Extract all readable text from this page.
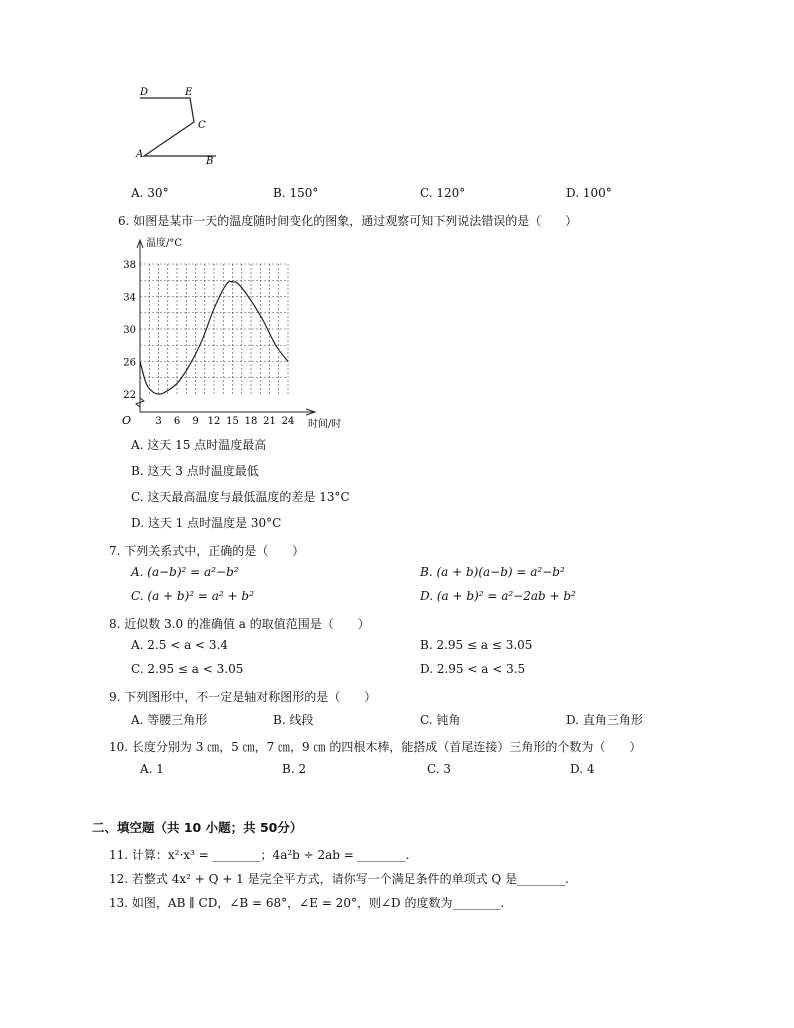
D	E
C
A
B
A. 30°	B. 150°	C. 120°	D. 100°
6. 如图是某市一天的温度随时间变化的图象，通过观察可知下列说法错误的是（　　）
3 6 9 12 15 18 21 24
22
26
30
34
38
温度/°C
时间/时
O
A. 这天 15 点时温度最高
B. 这天 3 点时温度最低
C. 这天最高温度与最低温度的差是 13°C
D. 这天 1 点时温度是 30°C
7. 下列关系式中，正确的是（　　）
A. (a−b)² = a²−b²	B. (a + b)(a−b) = a²−b²
C. (a + b)² = a² + b²	D. (a + b)² = a²−2ab + b²
8. 近似数 3.0 的准确值 a 的取值范围是（　　）
A. 2.5 < a < 3.4	B. 2.95 ≤ a ≤ 3.05
C. 2.95 ≤ a < 3.05	D. 2.95 < a < 3.5
9. 下列图形中，不一定是轴对称图形的是（　　）
A. 等腰三角形	B. 线段	C. 钝角	D. 直角三角形
10. 长度分别为 3 ㎝，5 ㎝，7 ㎝，9 ㎝ 的四根木棒，能搭成（首尾连接）三角形的个数为（　　）
A. 1	B. 2	C. 3	D. 4
二、填空题（共 10 小题；共 50分）
11. 计算：x²·x³ = ________；4a²b ÷ 2ab = ________.
12. 若整式 4x² + Q + 1 是完全平方式，请你写一个满足条件的单项式 Q 是________.
13. 如图，AB ∥ CD，∠B = 68°，∠E = 20°，则∠D 的度数为________.
